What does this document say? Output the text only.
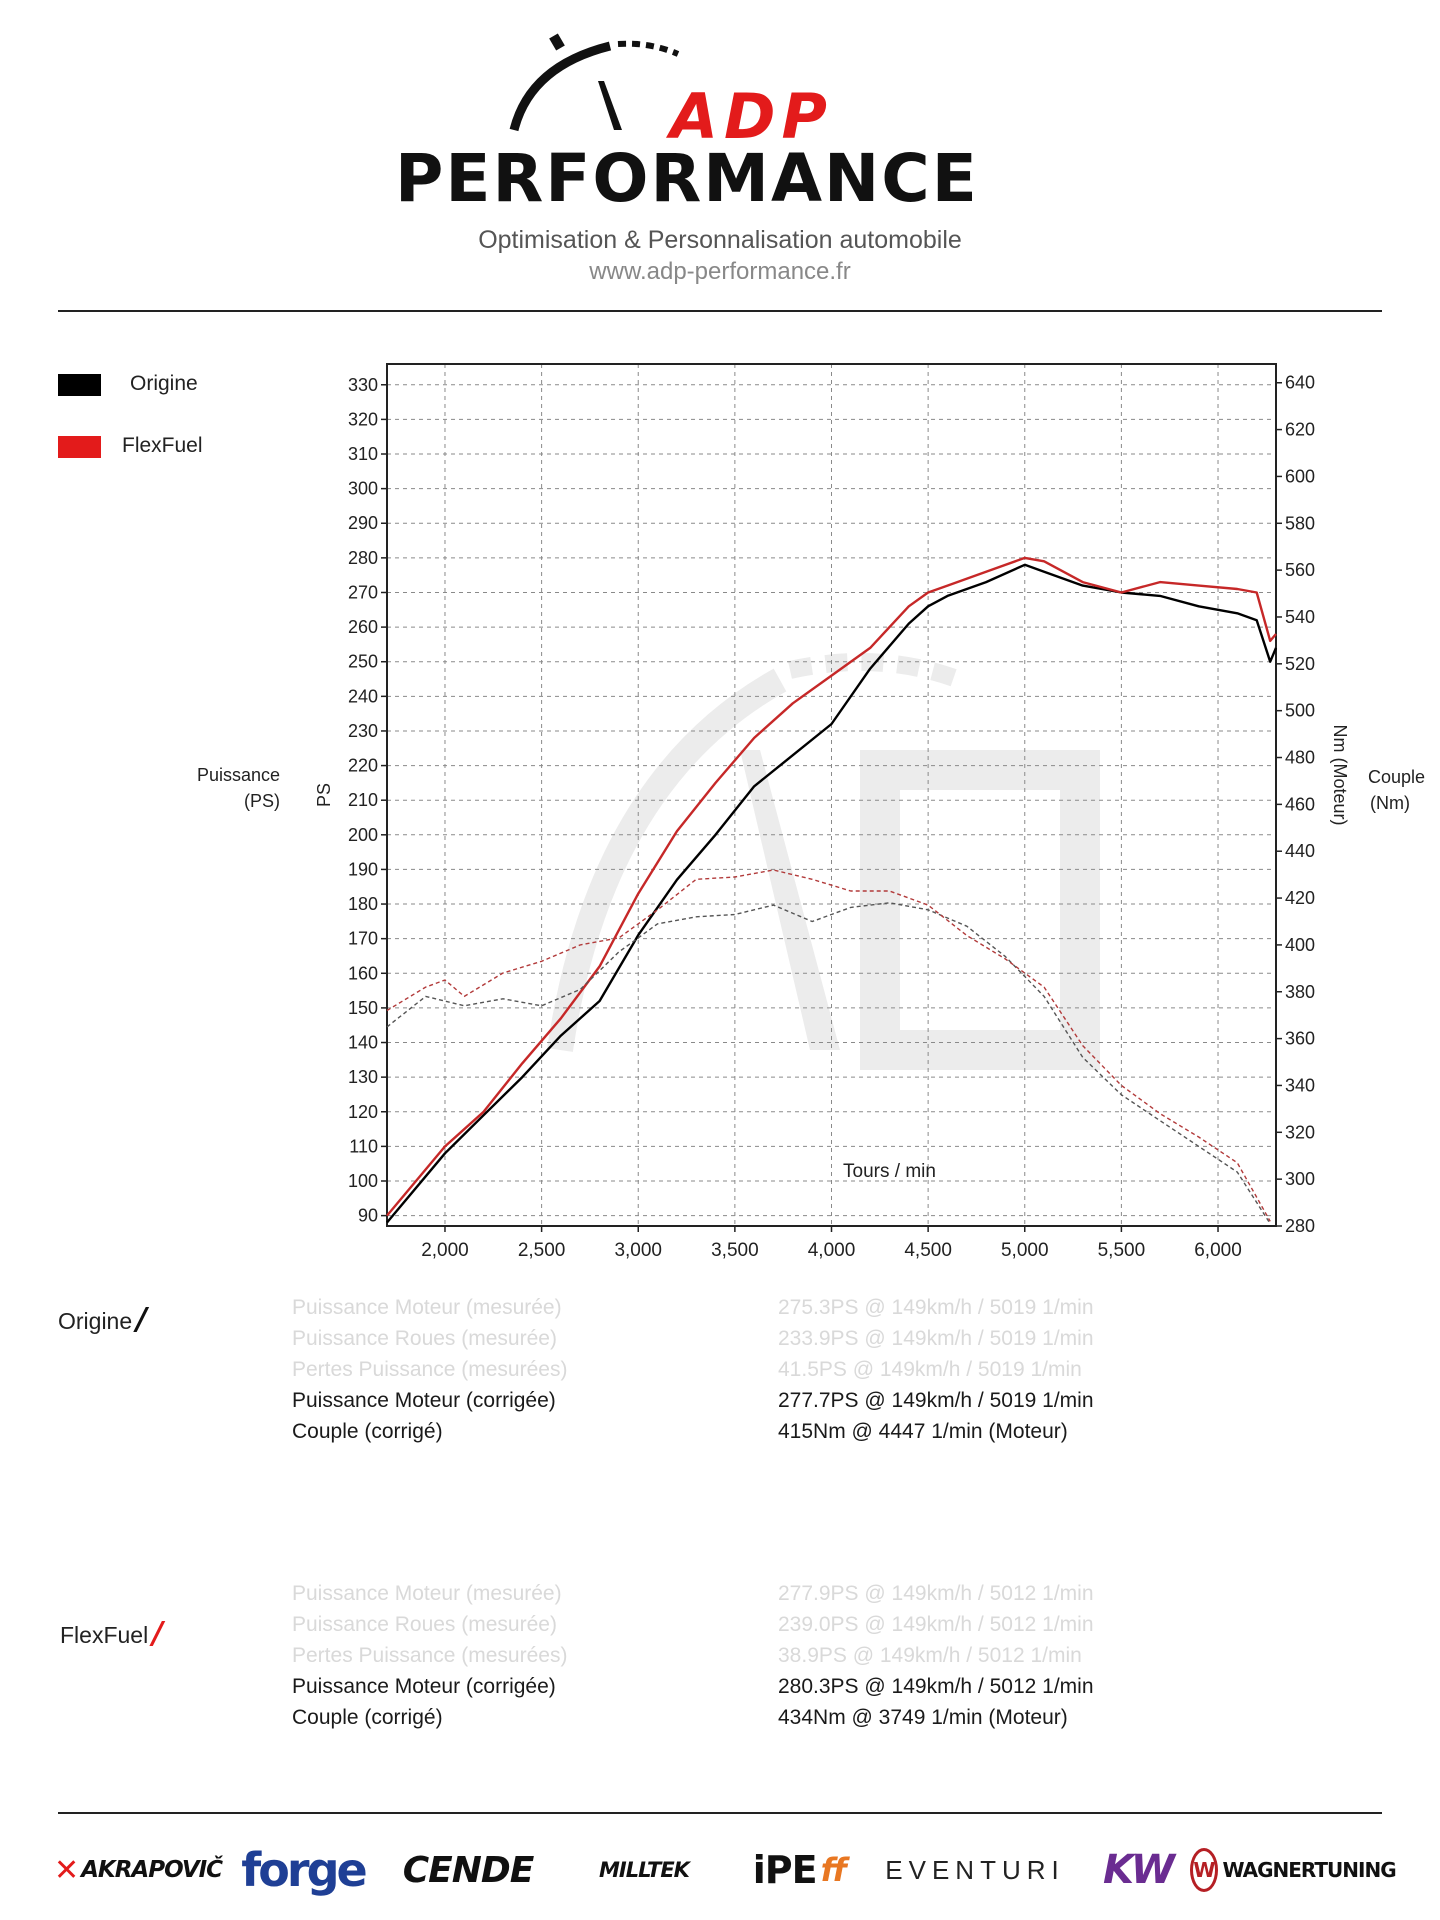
ADP
PERFORMANCE
Optimisation & Personnalisation automobile
www.adp-performance.fr
Origine
FlexFuel
Puissance
(PS)
Couple
(Nm)
2,000	2,500	3,000	3,500	4,000	4,500	5,000	5,500	6,000
90
100
110
120
130
140
150
160
170
180
190
200
210
220
230
240
250
260
270
280
290
300
310
320
330
280
300
320
340
360
380
400
420
440
460
480
500
520
540
560
580
600
620
640
PS	Nm (Moteur)
Tours / min
Origine /	Puissance Moteur (mesurée)	275.3PS @ 149km/h / 5019 1/min
Puissance Roues (mesurée)	233.9PS @ 149km/h / 5019 1/min
Pertes Puissance (mesurées)	41.5PS @ 149km/h / 5019 1/min
Puissance Moteur (corrigée)	277.7PS @ 149km/h / 5019 1/min
Couple (corrigé)	415Nm @ 4447 1/min (Moteur)
FlexFuel /
Puissance Moteur (mesurée)	277.9PS @ 149km/h / 5012 1/min
Puissance Roues (mesurée)	239.0PS @ 149km/h / 5012 1/min
Pertes Puissance (mesurées)	38.9PS @ 149km/h / 5012 1/min
Puissance Moteur (corrigée)	280.3PS @ 149km/h / 5012 1/min
Couple (corrigé)	434Nm @ 3749 1/min (Moteur)
✕ AKRAPOVIČ forge CENDE	MILLTEK iPE ff EVENTURI KW W WAGNERTUNING
